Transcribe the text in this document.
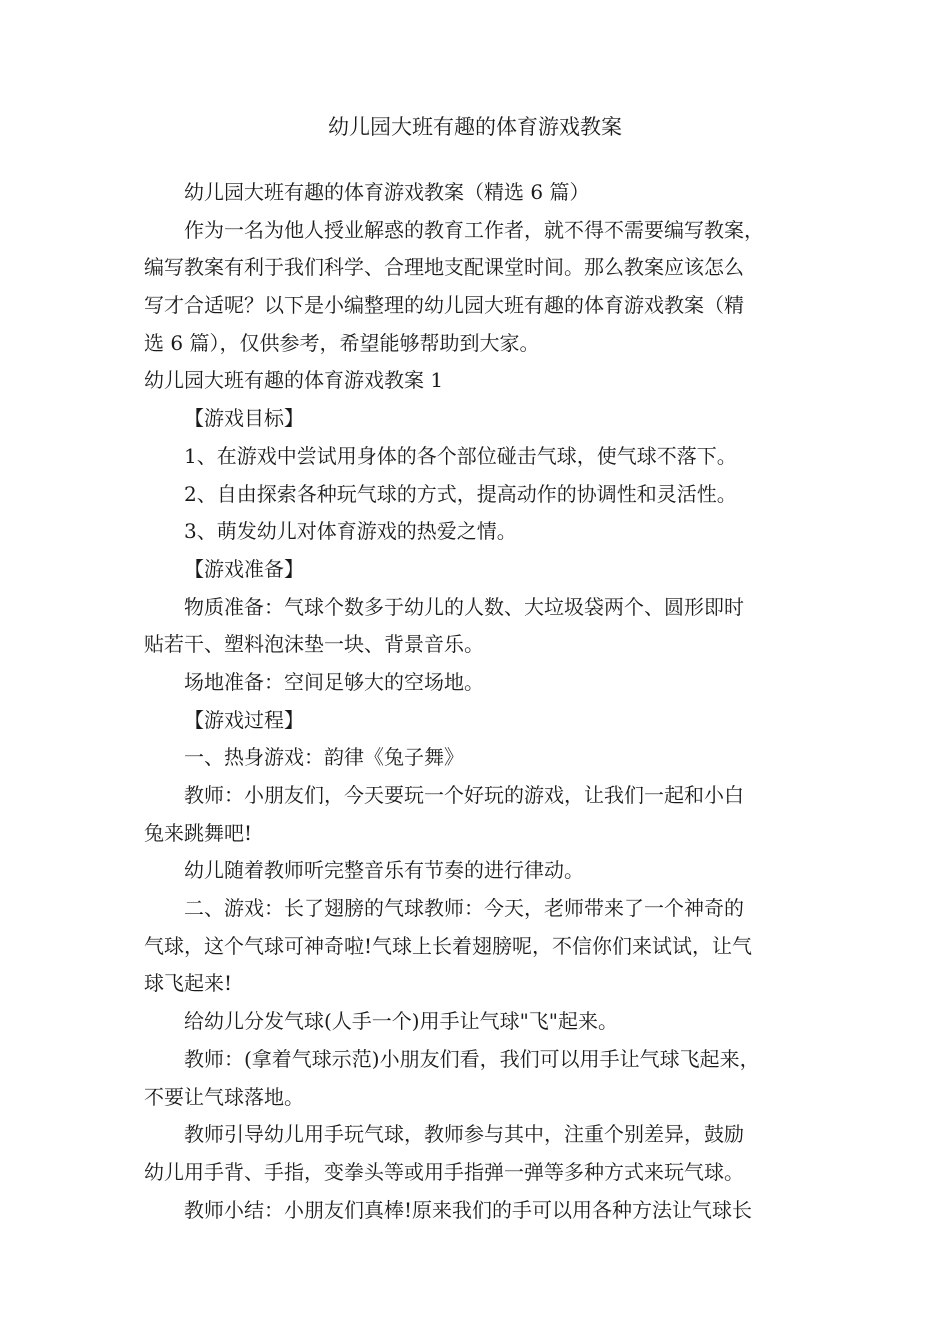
幼儿园大班有趣的体育游戏教案
幼儿园大班有趣的体育游戏教案（精选 6 篇）
作为一名为他人授业解惑的教育工作者，就不得不需要编写教案，
编写教案有利于我们科学、合理地支配课堂时间。那么教案应该怎么
写才合适呢？以下是小编整理的幼儿园大班有趣的体育游戏教案（精
选 6 篇），仅供参考，希望能够帮助到大家。
幼儿园大班有趣的体育游戏教案 1
【游戏目标】
1、在游戏中尝试用身体的各个部位碰击气球，使气球不落下。
2、自由探索各种玩气球的方式，提高动作的协调性和灵活性。
3、萌发幼儿对体育游戏的热爱之情。
【游戏准备】
物质准备：气球个数多于幼儿的人数、大垃圾袋两个、圆形即时
贴若干、塑料泡沫垫一块、背景音乐。
场地准备：空间足够大的空场地。
【游戏过程】
一、热身游戏：韵律《兔子舞》
教师：小朋友们，今天要玩一个好玩的游戏，让我们一起和小白
兔来跳舞吧!
幼儿随着教师听完整音乐有节奏的进行律动。
二、游戏：长了翅膀的气球教师：今天，老师带来了一个神奇的
气球，这个气球可神奇啦!气球上长着翅膀呢，不信你们来试试，让气
球飞起来!
给幼儿分发气球(人手一个)用手让气球"飞"起来。
教师：(拿着气球示范)小朋友们看，我们可以用手让气球飞起来，
不要让气球落地。
教师引导幼儿用手玩气球，教师参与其中，注重个别差异，鼓励
幼儿用手背、手指，变拳头等或用手指弹一弹等多种方式来玩气球。
教师小结：小朋友们真棒!原来我们的手可以用各种方法让气球长
